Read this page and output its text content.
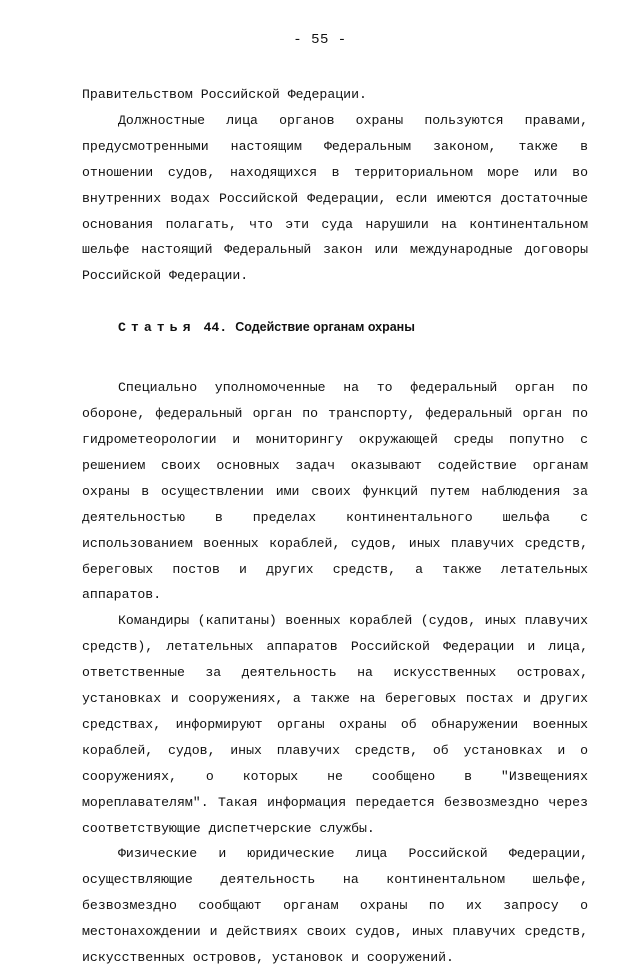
- 55 -

Правительством Российской Федерации.

Должностные лица органов охраны пользуются правами, предусмотренными настоящим Федеральным законом, также в отношении судов, находящихся в территориальном море или во внутренних водах Российской Федерации, если имеются достаточные основания полагать, что эти суда нарушили на континентальном шельфе настоящий Федеральный закон или международные договоры Российской Федерации.

Статья 44. Содействие органам охраны

Специально уполномоченные на то федеральный орган по обороне, федеральный орган по транспорту, федеральный орган по гидрометеорологии и мониторингу окружающей среды попутно с решением своих основных задач оказывают содействие органам охраны в осуществлении ими своих функций путем наблюдения за деятельностью в пределах континентального шельфа с использованием военных кораблей, судов, иных плавучих средств, береговых постов и других средств, а также летательных аппаратов.

Командиры (капитаны) военных кораблей (судов, иных плавучих средств), летательных аппаратов Российской Федерации и лица, ответственные за деятельность на искусственных островах, установках и сооружениях, а также на береговых постах и других средствах, информируют органы охраны об обнаружении военных кораблей, судов, иных плавучих средств, об установках и о сооружениях, о которых не сообщено в "Извещениях мореплавателям". Такая информация передается безвозмездно через соответствующие диспетчерские службы.

Физические и юридические лица Российской Федерации, осуществляющие деятельность на континентальном шельфе, безвозмездно сообщают органам охраны по их запросу о местонахождении и действиях своих судов, иных плавучих средств, искусственных островов, установок и сооружений.
